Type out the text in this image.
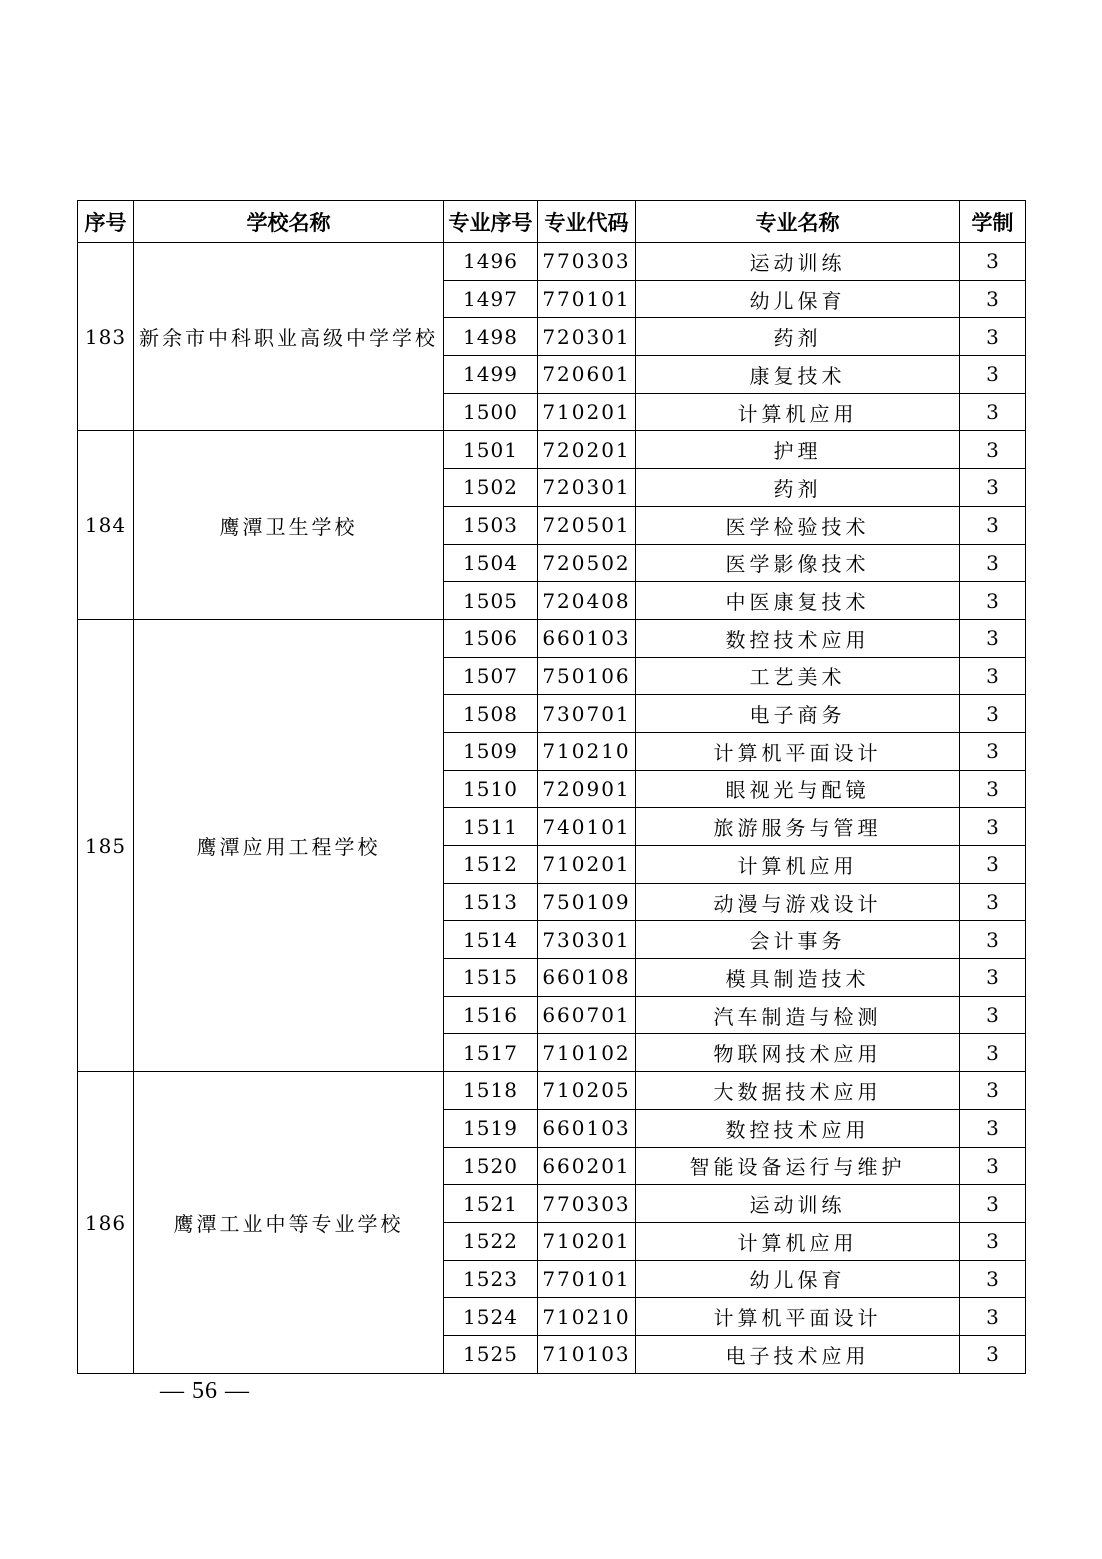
序号	学校名称	专业序号	专业代码	专业名称	学制
183	新余市中科职业高级中学学校	1496	770303	运动训练	3
		1497	770101	幼儿保育	3
		1498	720301	药剂	3
		1499	720601	康复技术	3
		1500	710201	计算机应用	3
184	鹰潭卫生学校	1501	720201	护理	3
		1502	720301	药剂	3
		1503	720501	医学检验技术	3
		1504	720502	医学影像技术	3
		1505	720408	中医康复技术	3
185	鹰潭应用工程学校	1506	660103	数控技术应用	3
		1507	750106	工艺美术	3
		1508	730701	电子商务	3
		1509	710210	计算机平面设计	3
		1510	720901	眼视光与配镜	3
		1511	740101	旅游服务与管理	3
		1512	710201	计算机应用	3
		1513	750109	动漫与游戏设计	3
		1514	730301	会计事务	3
		1515	660108	模具制造技术	3
		1516	660701	汽车制造与检测	3
		1517	710102	物联网技术应用	3
186	鹰潭工业中等专业学校	1518	710205	大数据技术应用	3
		1519	660103	数控技术应用	3
		1520	660201	智能设备运行与维护	3
		1521	770303	运动训练	3
		1522	710201	计算机应用	3
		1523	770101	幼儿保育	3
		1524	710210	计算机平面设计	3
		1525	710103	电子技术应用	3
— 56 —
